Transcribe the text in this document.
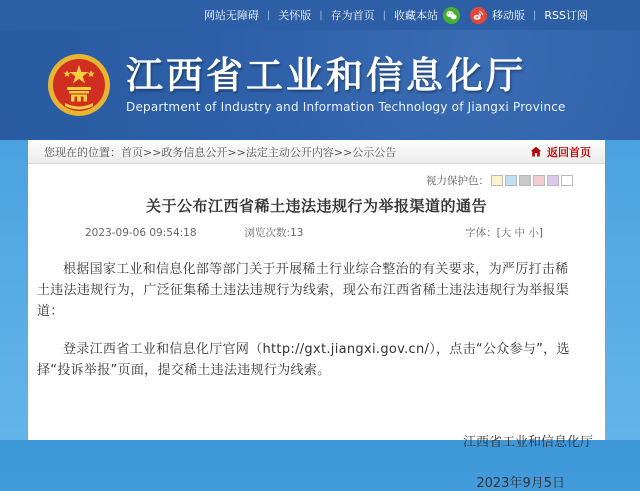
网站无障碍 | 关怀版 | 存为首页 | 收藏本站	移动版 | RSS订阅
江西省工业和信息化厅
Department of Industry and Information Technology of Jiangxi Province
您现在的位置： 首页>>政务信息公开>>法定主动公开内容>>公示公告	返回首页
视力保护色：
关于公布江西省稀土违法违规行为举报渠道的通告
2023-09-06 09:54:18	浏览次数:13	字体：[大 中 小]

根据国家工业和信息化部等部门关于开展稀土行业综合整治的有关要求，为严厉打击稀土违法违规行为，广泛征集稀土违法违规行为线索，现公布江西省稀土违法违规行为举报渠道：

登录江西省工业和信息化厅官网（http://gxt.jiangxi.gov.cn/），点击“公众参与”，选择“投诉举报”页面，提交稀土违法违规行为线索。

江西省工业和信息化厅
2023年9月5日
